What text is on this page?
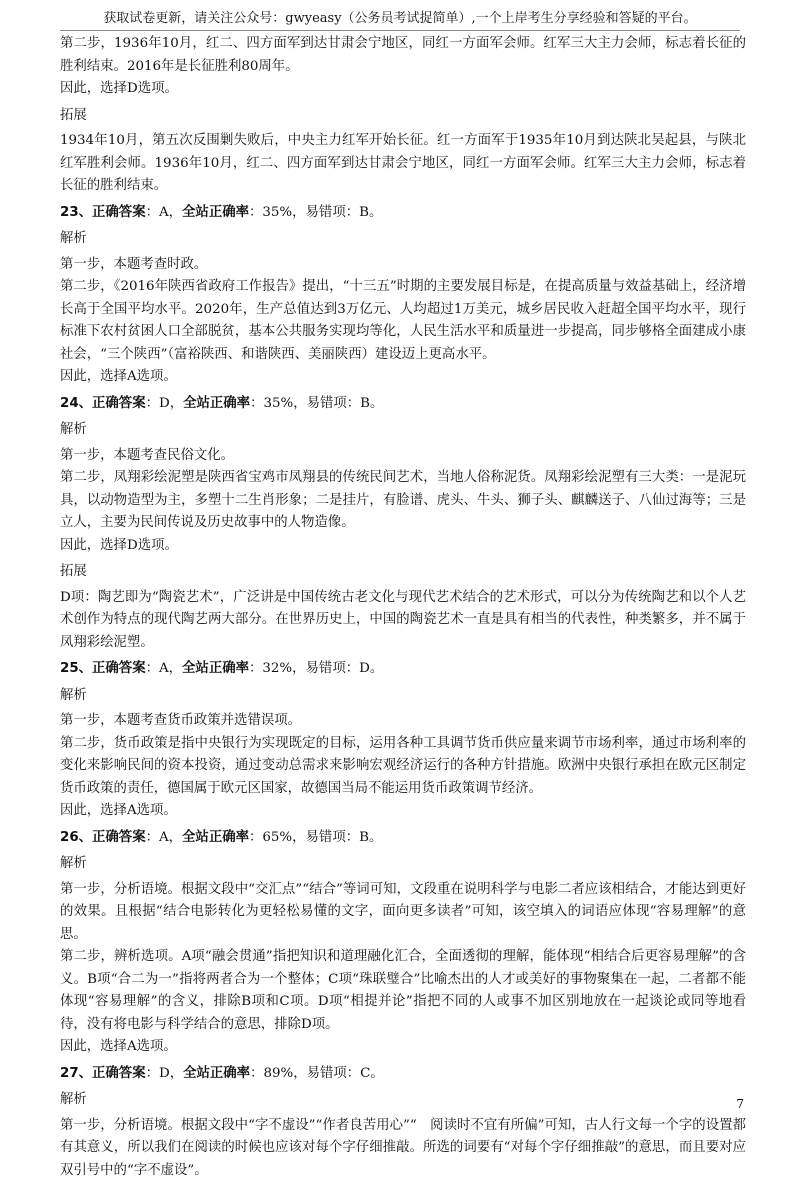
获取试卷更新，请关注公众号：gwyeasy（公务员考试捉简单）,一个上岸考生分享经验和答疑的平台。

第二步，1936年10月，红二、四方面军到达甘肃会宁地区，同红一方面军会师。红军三大主力会师，标志着长征的胜利结束。2016年是长征胜利80周年。

因此，选择D选项。

拓展

1934年10月，第五次反围剿失败后，中央主力红军开始长征。红一方面军于1935年10月到达陕北吴起县，与陕北红军胜利会师。1936年10月，红二、四方面军到达甘肃会宁地区，同红一方面军会师。红军三大主力会师，标志着长征的胜利结束。

23、正确答案：A，全站正确率：35%，易错项：B。

解析

第一步，本题考查时政。

第二步，《2016年陕西省政府工作报告》提出，“十三五”时期的主要发展目标是，在提高质量与效益基础上，经济增长高于全国平均水平。2020年，生产总值达到3万亿元、人均超过1万美元，城乡居民收入赶超全国平均水平，现行标准下农村贫困人口全部脱贫，基本公共服务实现均等化，人民生活水平和质量进一步提高，同步够格全面建成小康社会，“三个陕西”（富裕陕西、和谐陕西、美丽陕西）建设迈上更高水平。

因此，选择A选项。

24、正确答案：D，全站正确率：35%，易错项：B。

解析

第一步，本题考查民俗文化。

第二步，凤翔彩绘泥塑是陕西省宝鸡市凤翔县的传统民间艺术，当地人俗称泥货。凤翔彩绘泥塑有三大类：一是泥玩具，以动物造型为主，多塑十二生肖形象；二是挂片，有脸谱、虎头、牛头、狮子头、麒麟送子、八仙过海等；三是立人，主要为民间传说及历史故事中的人物造像。

因此，选择D选项。

拓展

D项：陶艺即为“陶瓷艺术”，广泛讲是中国传统古老文化与现代艺术结合的艺术形式，可以分为传统陶艺和以个人艺术创作为特点的现代陶艺两大部分。在世界历史上，中国的陶瓷艺术一直是具有相当的代表性，种类繁多，并不属于凤翔彩绘泥塑。

25、正确答案：A，全站正确率：32%，易错项：D。

解析

第一步，本题考查货币政策并选错误项。

第二步，货币政策是指中央银行为实现既定的目标，运用各种工具调节货币供应量来调节市场利率，通过市场利率的变化来影响民间的资本投资，通过变动总需求来影响宏观经济运行的各种方针措施。欧洲中央银行承担在欧元区制定货币政策的责任，德国属于欧元区国家，故德国当局不能运用货币政策调节经济。

因此，选择A选项。

26、正确答案：A，全站正确率：65%，易错项：B。

解析

第一步，分析语境。根据文段中“交汇点”“结合”等词可知，文段重在说明科学与电影二者应该相结合，才能达到更好的效果。且根据“结合电影转化为更轻松易懂的文字，面向更多读者”可知，该空填入的词语应体现“容易理解”的意思。

第二步，辨析选项。A项“融会贯通”指把知识和道理融化汇合，全面透彻的理解，能体现“相结合后更容易理解”的含义。B项“合二为一”指将两者合为一个整体；C项“珠联璧合”比喻杰出的人才或美好的事物聚集在一起，二者都不能体现“容易理解”的含义，排除B项和C项。D项“相提并论”指把不同的人或事不加区别地放在一起谈论或同等地看待，没有将电影与科学结合的意思，排除D项。

因此，选择A选项。

27、正确答案：D，全站正确率：89%，易错项：C。

解析

第一步，分析语境。根据文段中“字不虚设”“作者良苦用心”“　阅读时不宜有所偏”可知，古人行文每一个字的设置都有其意义，所以我们在阅读的时候也应该对每个字仔细推敲。所选的词要有“对每个字仔细推敲”的意思，而且要对应双引号中的“字不虚设”。

7
